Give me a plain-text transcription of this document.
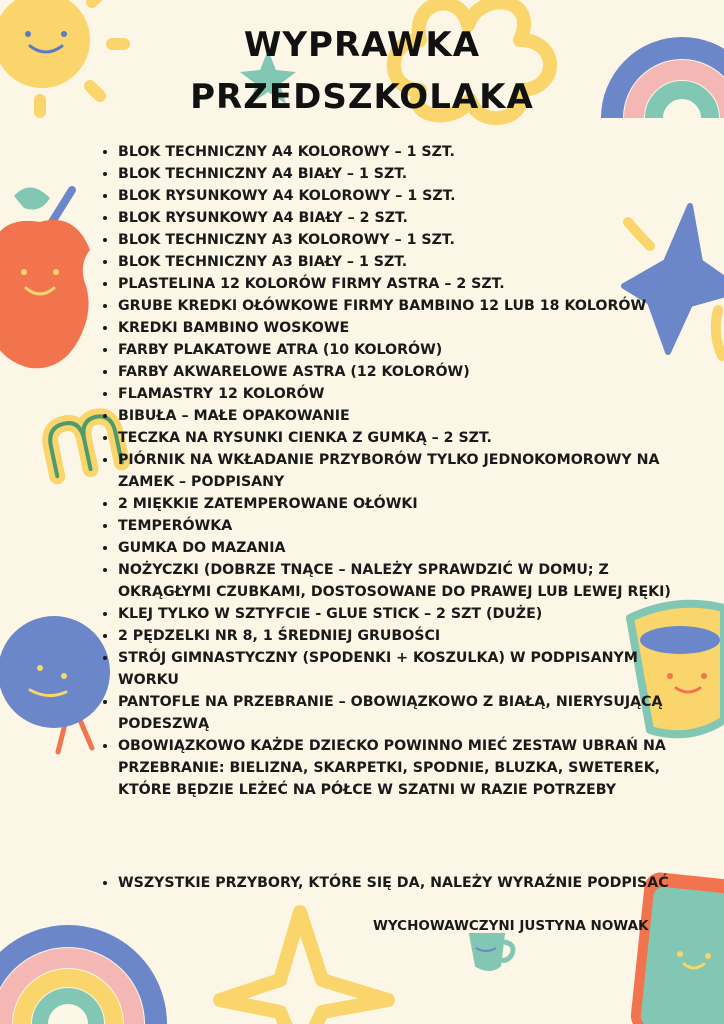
WYPRAWKA
PRZEDSZKOLAKA
• BLOK TECHNICZNY A4 KOLOROWY – 1 SZT.
• BLOK TECHNICZNY A4 BIAŁY – 1 SZT.
• BLOK RYSUNKOWY A4 KOLOROWY – 1 SZT.
• BLOK RYSUNKOWY A4 BIAŁY – 2 SZT.
• BLOK TECHNICZNY A3 KOLOROWY – 1 SZT.
• BLOK TECHNICZNY A3 BIAŁY – 1 SZT.
• PLASTELINA 12 KOLORÓW FIRMY ASTRA – 2 SZT.
• GRUBE KREDKI OŁÓWKOWE FIRMY BAMBINO 12 LUB 18 KOLORÓW
• KREDKI BAMBINO WOSKOWE
• FARBY PLAKATOWE ATRA (10 KOLORÓW)
• FARBY AKWARELOWE ASTRA (12 KOLORÓW)
• FLAMASTRY 12 KOLORÓW
• BIBUŁA – MAŁE OPAKOWANIE
• TECZKA NA RYSUNKI CIENKA Z GUMKĄ – 2 SZT.
• PIÓRNIK NA WKŁADANIE PRZYBORÓW TYLKO JEDNOKOMOROWY NA ZAMEK – PODPISANY
• 2 MIĘKKIE ZATEMPEROWANE OŁÓWKI
• TEMPERÓWKA
• GUMKA DO MAZANIA
• NOŻYCZKI (DOBRZE TNĄCE – NALEŻY SPRAWDZIĆ W DOMU; Z OKRĄGŁYMI CZUBKAMI, DOSTOSOWANE DO PRAWEJ LUB LEWEJ RĘKI)
• KLEJ TYLKO W SZTYFCIE - GLUE STICK – 2 SZT (DUŻE)
• 2 PĘDZELKI NR 8, 1 ŚREDNIEJ GRUBOŚCI
• STRÓJ GIMNASTYCZNY (SPODENKI + KOSZULKA) W PODPISANYM WORKU
• PANTOFLE NA PRZEBRANIE – OBOWIĄZKOWO Z BIAŁĄ, NIERYSUJĄCĄ PODESZWĄ
• OBOWIĄZKOWO KAŻDE DZIECKO POWINNO MIEĆ ZESTAW UBRAŃ NA PRZEBRANIE: BIELIZNA, SKARPETKI, SPODNIE, BLUZKA, SWETEREK, KTÓRE BĘDZIE LEŻEĆ NA PÓŁCE W SZATNI W RAZIE POTRZEBY
• WSZYSTKIE PRZYBORY, KTÓRE SIĘ DA, NALEŻY WYRAŹNIE PODPISAĆ

WYCHOWAWCZYNI JUSTYNA NOWAK
